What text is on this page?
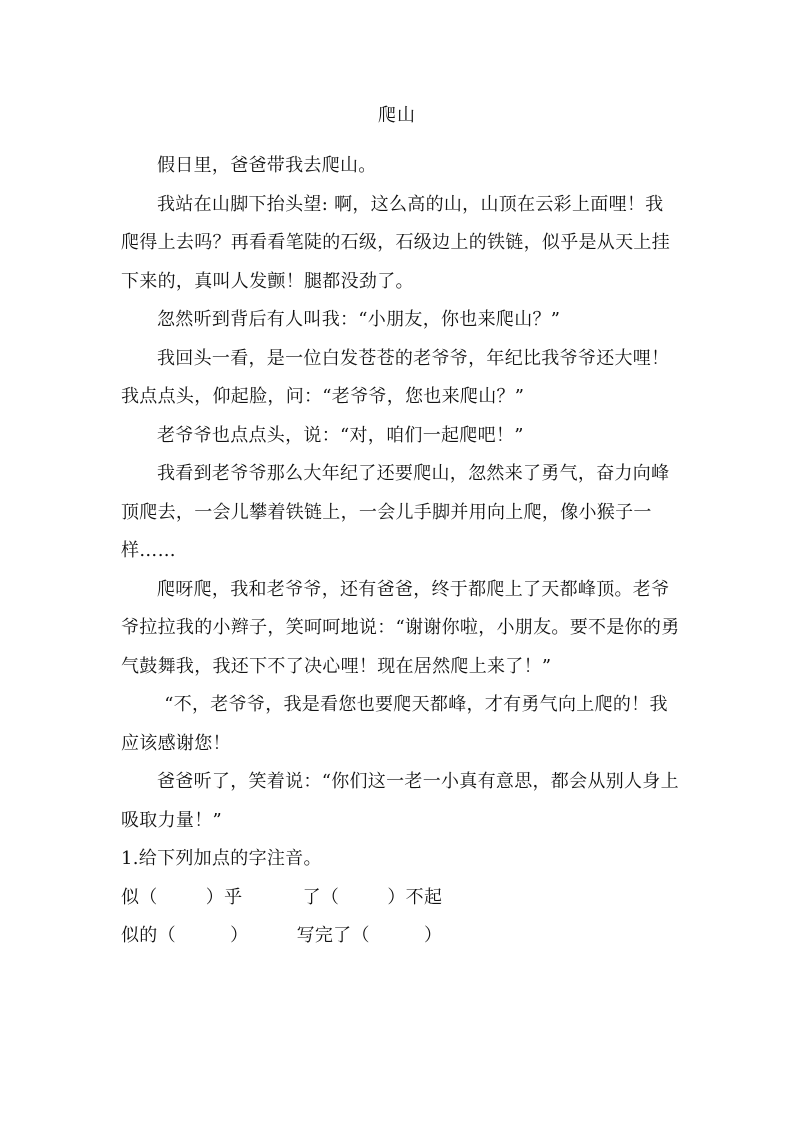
爬山

假日里，爸爸带我去爬山。

我站在山脚下抬头望: 啊，这么高的山，山顶在云彩上面哩！我爬得上去吗？再看看笔陡的石级，石级边上的铁链，似乎是从天上挂下来的，真叫人发颤！腿都没劲了。

忽然听到背后有人叫我：“小朋友，你也来爬山？”

我回头一看，是一位白发苍苍的老爷爷，年纪比我爷爷还大哩！我点点头，仰起脸，问：“老爷爷，您也来爬山？”

老爷爷也点点头，说：“对，咱们一起爬吧！”

我看到老爷爷那么大年纪了还要爬山，忽然来了勇气，奋力向峰顶爬去，一会儿攀着铁链上，一会儿手脚并用向上爬，像小猴子一样……

爬呀爬，我和老爷爷，还有爸爸，终于都爬上了天都峰顶。老爷爷拉拉我的小辫子，笑呵呵地说：“谢谢你啦，小朋友。要不是你的勇气鼓舞我，我还下不了决心哩！现在居然爬上来了！”

“不，老爷爷，我是看您也要爬天都峰，才有勇气向上爬的！我应该感谢您！

爸爸听了，笑着说：“你们这一老一小真有意思，都会从别人身上吸取力量！”

1.给下列加点的字注音。

似（        ）乎          了（        ）不起

似的（         ）        写完了（         ）
